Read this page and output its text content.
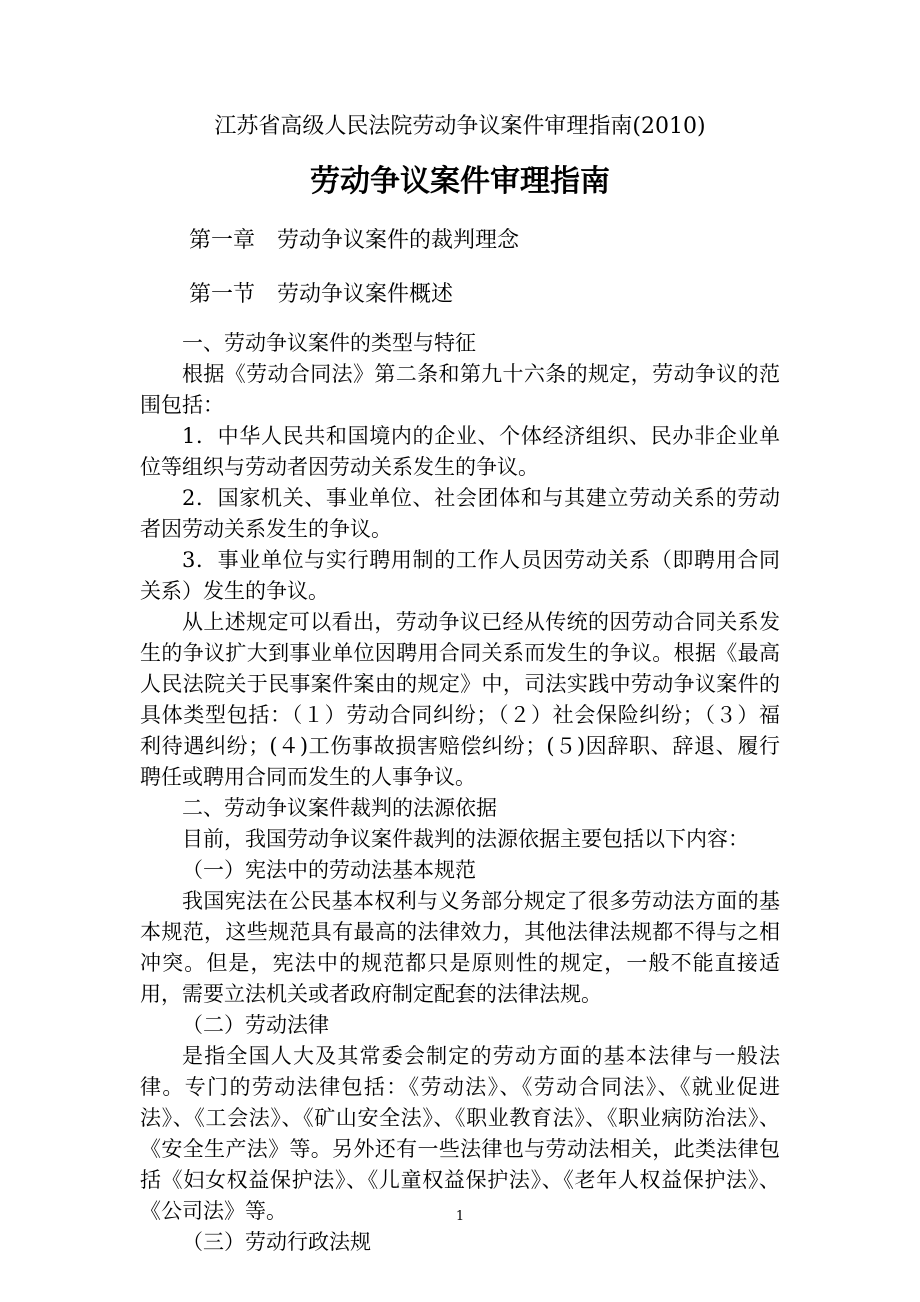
江苏省高级人民法院劳动争议案件审理指南(2010)
劳动争议案件审理指南
第一章　劳动争议案件的裁判理念
第一节　劳动争议案件概述

一、劳动争议案件的类型与特征

根据《劳动合同法》第二条和第九十六条的规定，劳动争议的范围包括：

1．中华人民共和国境内的企业、个体经济组织、民办非企业单位等组织与劳动者因劳动关系发生的争议。

2．国家机关、事业单位、社会团体和与其建立劳动关系的劳动者因劳动关系发生的争议。

3．事业单位与实行聘用制的工作人员因劳动关系（即聘用合同关系）发生的争议。

从上述规定可以看出，劳动争议已经从传统的因劳动合同关系发生的争议扩大到事业单位因聘用合同关系而发生的争议。根据《最高人民法院关于民事案件案由的规定》中，司法实践中劳动争议案件的具体类型包括：（１）劳动合同纠纷；（２）社会保险纠纷；（３）福利待遇纠纷；(４)工伤事故损害赔偿纠纷；(５)因辞职、辞退、履行聘任或聘用合同而发生的人事争议。

二、劳动争议案件裁判的法源依据

目前，我国劳动争议案件裁判的法源依据主要包括以下内容：

（一）宪法中的劳动法基本规范

我国宪法在公民基本权利与义务部分规定了很多劳动法方面的基本规范，这些规范具有最高的法律效力，其他法律法规都不得与之相冲突。但是，宪法中的规范都只是原则性的规定，一般不能直接适用，需要立法机关或者政府制定配套的法律法规。

（二）劳动法律

是指全国人大及其常委会制定的劳动方面的基本法律与一般法律。专门的劳动法律包括：《劳动法》、《劳动合同法》、《就业促进法》、《工会法》、《矿山安全法》、《职业教育法》、《职业病防治法》、《安全生产法》等。另外还有一些法律也与劳动法相关，此类法律包括《妇女权益保护法》、《儿童权益保护法》、《老年人权益保护法》、《公司法》等。

（三）劳动行政法规

1
